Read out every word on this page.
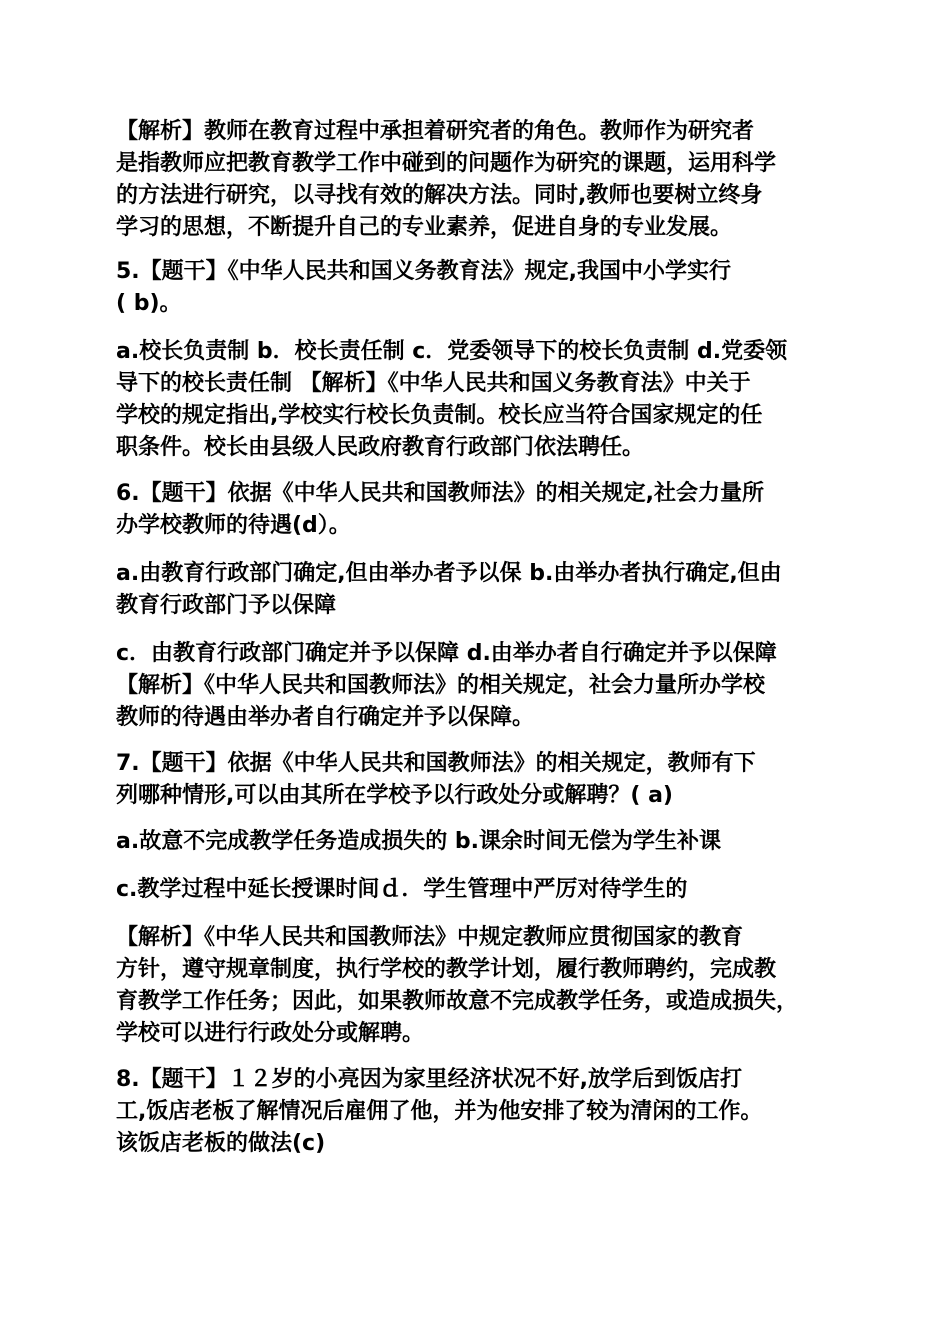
【解析】教师在教育过程中承担着研究者的角色。教师作为研究者
是指教师应把教育教学工作中碰到的问题作为研究的课题，运用科学
的方法进行研究，以寻找有效的解决方法。同时,教师也要树立终身
学习的思想，不断提升自己的专业素养，促进自身的专业发展。
5.【题干】《中华人民共和国义务教育法》规定,我国中小学实行
( b)。
a.校长负责制 b．校长责任制 c．党委领导下的校长负责制 d.党委领
导下的校长责任制 【解析】《中华人民共和国义务教育法》中关于
学校的规定指出,学校实行校长负责制。校长应当符合国家规定的任
职条件。校长由县级人民政府教育行政部门依法聘任。
6.【题干】依据《中华人民共和国教师法》的相关规定,社会力量所
办学校教师的待遇(d）。
a.由教育行政部门确定,但由举办者予以保 b.由举办者执行确定,但由
教育行政部门予以保障
c．由教育行政部门确定并予以保障 d.由举办者自行确定并予以保障
【解析】《中华人民共和国教师法》的相关规定，社会力量所办学校
教师的待遇由举办者自行确定并予以保障。
7.【题干】依据《中华人民共和国教师法》的相关规定，教师有下
列哪种情形,可以由其所在学校予以行政处分或解聘？( a)
a.故意不完成教学任务造成损失的 b.课余时间无偿为学生补课
c.教学过程中延长授课时间ｄ．学生管理中严厉对待学生的
【解析】《中华人民共和国教师法》中规定教师应贯彻国家的教育
方针，遵守规章制度，执行学校的教学计划，履行教师聘约，完成教
育教学工作任务；因此，如果教师故意不完成教学任务，或造成损失，
学校可以进行行政处分或解聘。
8.【题干】１２岁的小亮因为家里经济状况不好,放学后到饭店打
工,饭店老板了解情况后雇佣了他，并为他安排了较为清闲的工作。
该饭店老板的做法(c)
